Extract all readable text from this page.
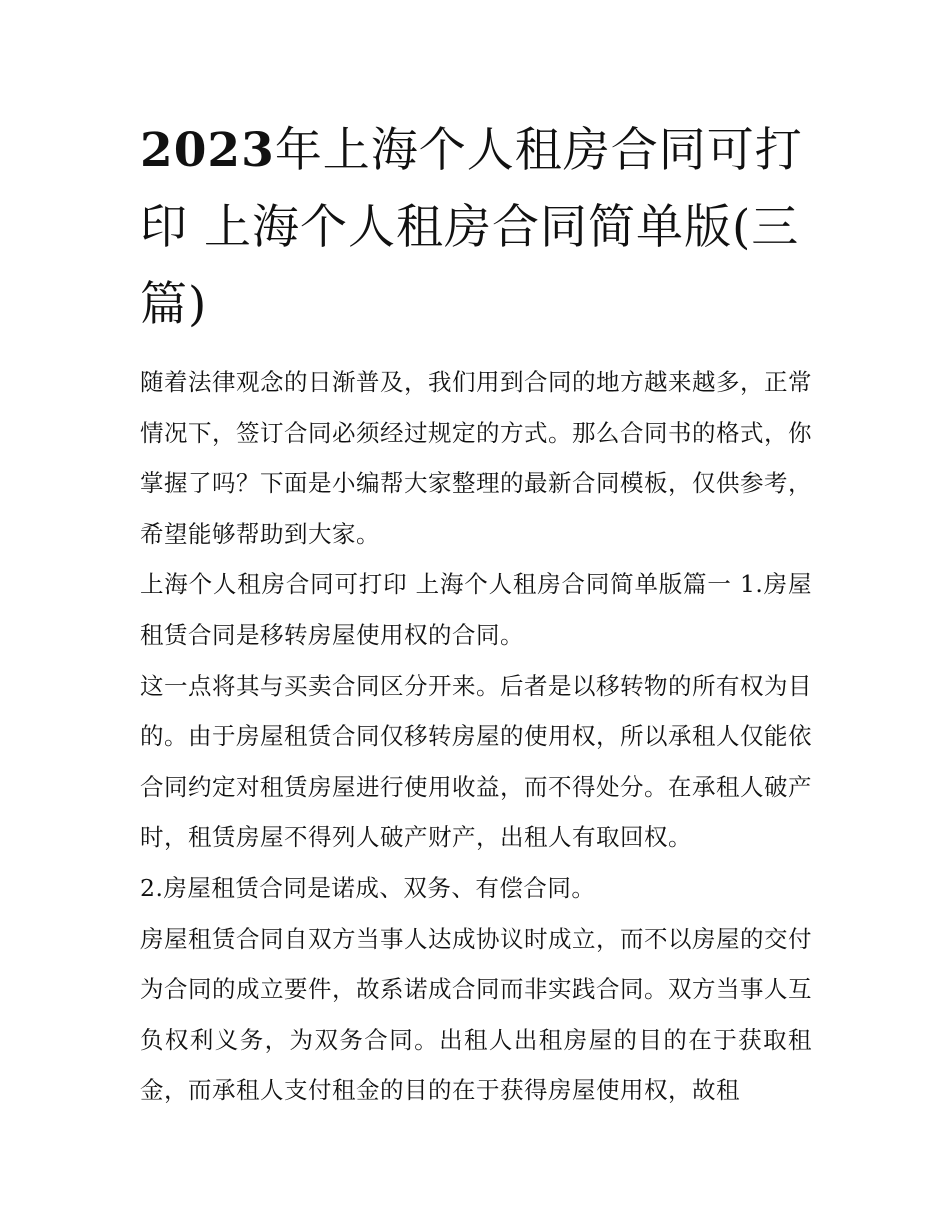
2023年上海个人租房合同可打印 上海个人租房合同简单版(三篇)

随着法律观念的日渐普及，我们用到合同的地方越来越多，正常情况下，签订合同必须经过规定的方式。那么合同书的格式，你掌握了吗？下面是小编帮大家整理的最新合同模板，仅供参考，希望能够帮助到大家。

上海个人租房合同可打印 上海个人租房合同简单版篇一 1.房屋租赁合同是移转房屋使用权的合同。

这一点将其与买卖合同区分开来。后者是以移转物的所有权为目的。由于房屋租赁合同仅移转房屋的使用权，所以承租人仅能依合同约定对租赁房屋进行使用收益，而不得处分。在承租人破产时，租赁房屋不得列人破产财产，出租人有取回权。

2.房屋租赁合同是诺成、双务、有偿合同。

房屋租赁合同自双方当事人达成协议时成立，而不以房屋的交付为合同的成立要件，故系诺成合同而非实践合同。双方当事人互负权利义务，为双务合同。出租人出租房屋的目的在于获取租金，而承租人支付租金的目的在于获得房屋使用权，故租
